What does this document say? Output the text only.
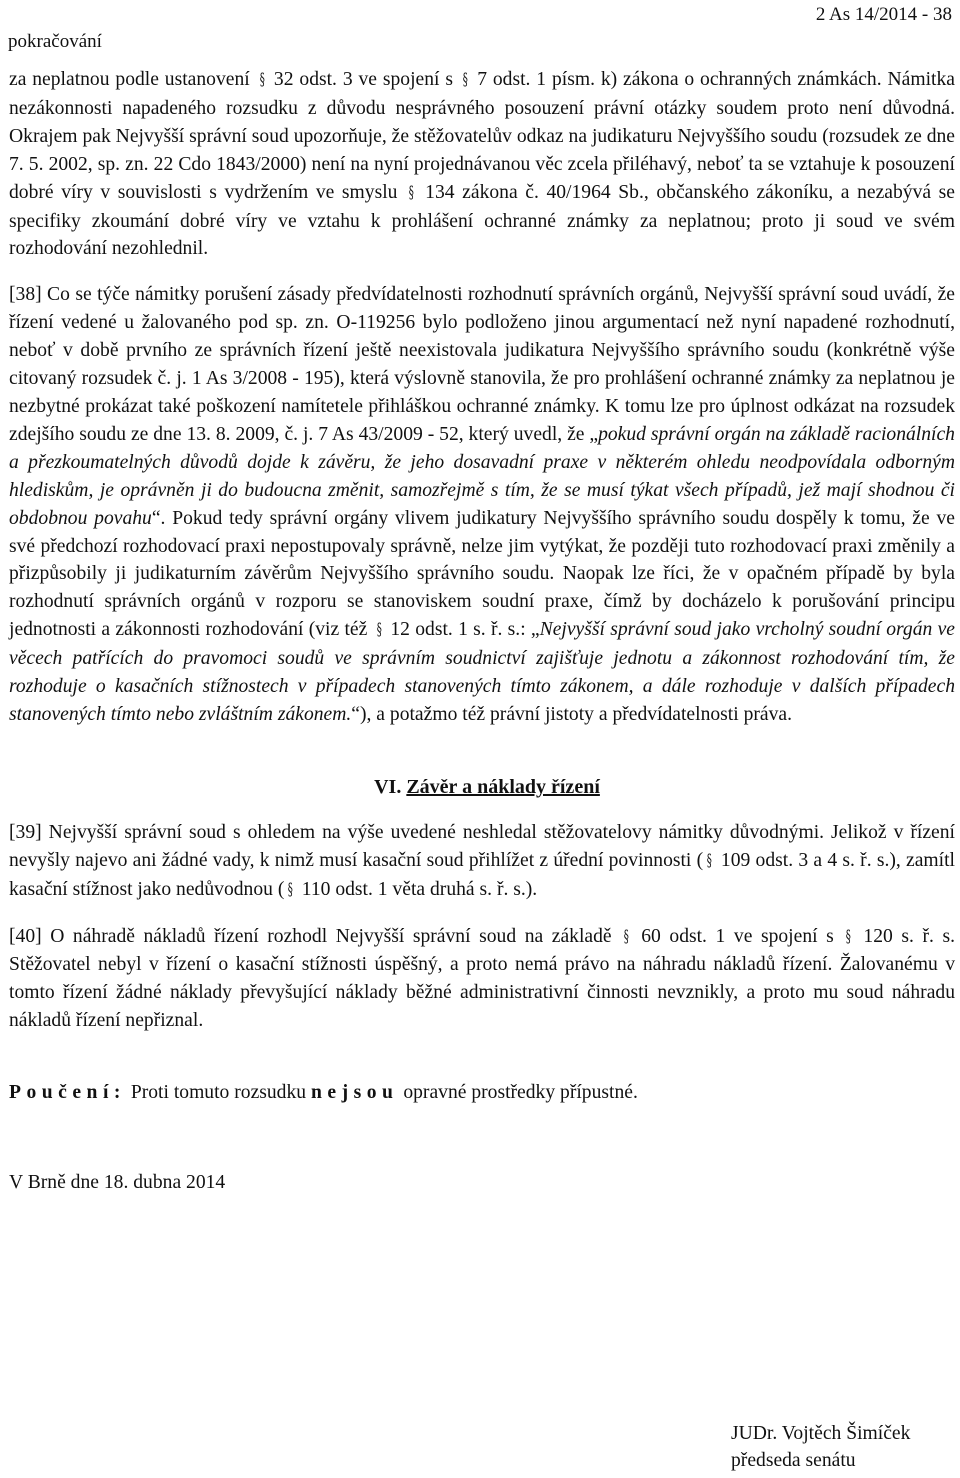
pokračování
2 As 14/2014 - 38

za neplatnou podle ustanovení § 32 odst. 3 ve spojení s § 7 odst. 1 písm. k) zákona o ochranných známkách. Námitka nezákonnosti napadeného rozsudku z důvodu nesprávného posouzení právní otázky soudem proto není důvodná. Okrajem pak Nejvyšší správní soud upozorňuje, že stěžovatelův odkaz na judikaturu Nejvyššího soudu (rozsudek ze dne 7. 5. 2002, sp. zn. 22 Cdo 1843/2000) není na nyní projednávanou věc zcela přiléhavý, neboť ta se vztahuje k posouzení dobré víry v souvislosti s vydržením ve smyslu § 134 zákona č. 40/1964 Sb., občanského zákoníku, a nezabývá se specifiky zkoumání dobré víry ve vztahu k prohlášení ochranné známky za neplatnou; proto ji soud ve svém rozhodování nezohlednil.

[38] Co se týče námitky porušení zásady předvídatelnosti rozhodnutí správních orgánů, Nejvyšší správní soud uvádí, že řízení vedené u žalovaného pod sp. zn. O-119256 bylo podloženo jinou argumentací než nyní napadené rozhodnutí, neboť v době prvního ze správních řízení ještě neexistovala judikatura Nejvyššího správního soudu (konkrétně výše citovaný rozsudek č. j. 1 As 3/2008 - 195), která výslovně stanovila, že pro prohlášení ochranné známky za neplatnou je nezbytné prokázat také poškození namítetele přihláškou ochranné známky. K tomu lze pro úplnost odkázat na rozsudek zdejšího soudu ze dne 13. 8. 2009, č. j. 7 As 43/2009 - 52, který uvedl, že „pokud správní orgán na základě racionálních a přezkoumatelných důvodů dojde k závěru, že jeho dosavadní praxe v některém ohledu neodpovídala odborným hlediskům, je oprávněn ji do budoucna změnit, samozřejmě s tím, že se musí týkat všech případů, jež mají shodnou či obdobnou povahu“. Pokud tedy správní orgány vlivem judikatury Nejvyššího správního soudu dospěly k tomu, že ve své předchozí rozhodovací praxi nepostupovaly správně, nelze jim vytýkat, že později tuto rozhodovací praxi změnily a přizpůsobily ji judikaturním závěrům Nejvyššího správního soudu. Naopak lze říci, že v opačném případě by byla rozhodnutí správních orgánů v rozporu se stanoviskem soudní praxe, čímž by docházelo k porušování principu jednotnosti a zákonnosti rozhodování (viz též § 12 odst. 1 s. ř. s.: „Nejvyšší správní soud jako vrcholný soudní orgán ve věcech patřících do pravomoci soudů ve správním soudnictví zajišťuje jednotu a zákonnost rozhodování tím, že rozhoduje o kasačních stížnostech v případech stanovených tímto zákonem, a dále rozhoduje v dalších případech stanovených tímto nebo zvláštním zákonem.“), a potažmo též právní jistoty a předvídatelnosti práva.

VI. Závěr a náklady řízení

[39] Nejvyšší správní soud s ohledem na výše uvedené neshledal stěžovatelovy námitky důvodnými. Jelikož v řízení nevyšly najevo ani žádné vady, k nimž musí kasační soud přihlížet z úřední povinnosti ( § 109 odst. 3 a 4 s. ř. s.), zamítl kasační stížnost jako nedůvodnou ( § 110 odst. 1 věta druhá s. ř. s.).

[40] O náhradě nákladů řízení rozhodl Nejvyšší správní soud na základě § 60 odst. 1 ve spojení s § 120 s. ř. s. Stěžovatel nebyl v řízení o kasační stížnosti úspěšný, a proto nemá právo na náhradu nákladů řízení. Žalovanému v tomto řízení žádné náklady převyšující náklady běžné administrativní činnosti nevznikly, a proto mu soud náhradu nákladů řízení nepřiznal.

Poučení: Proti tomuto rozsudku nejsou opravné prostředky přípustné.

V Brně dne 18. dubna 2014

JUDr. Vojtěch Šimíček
předseda senátu
